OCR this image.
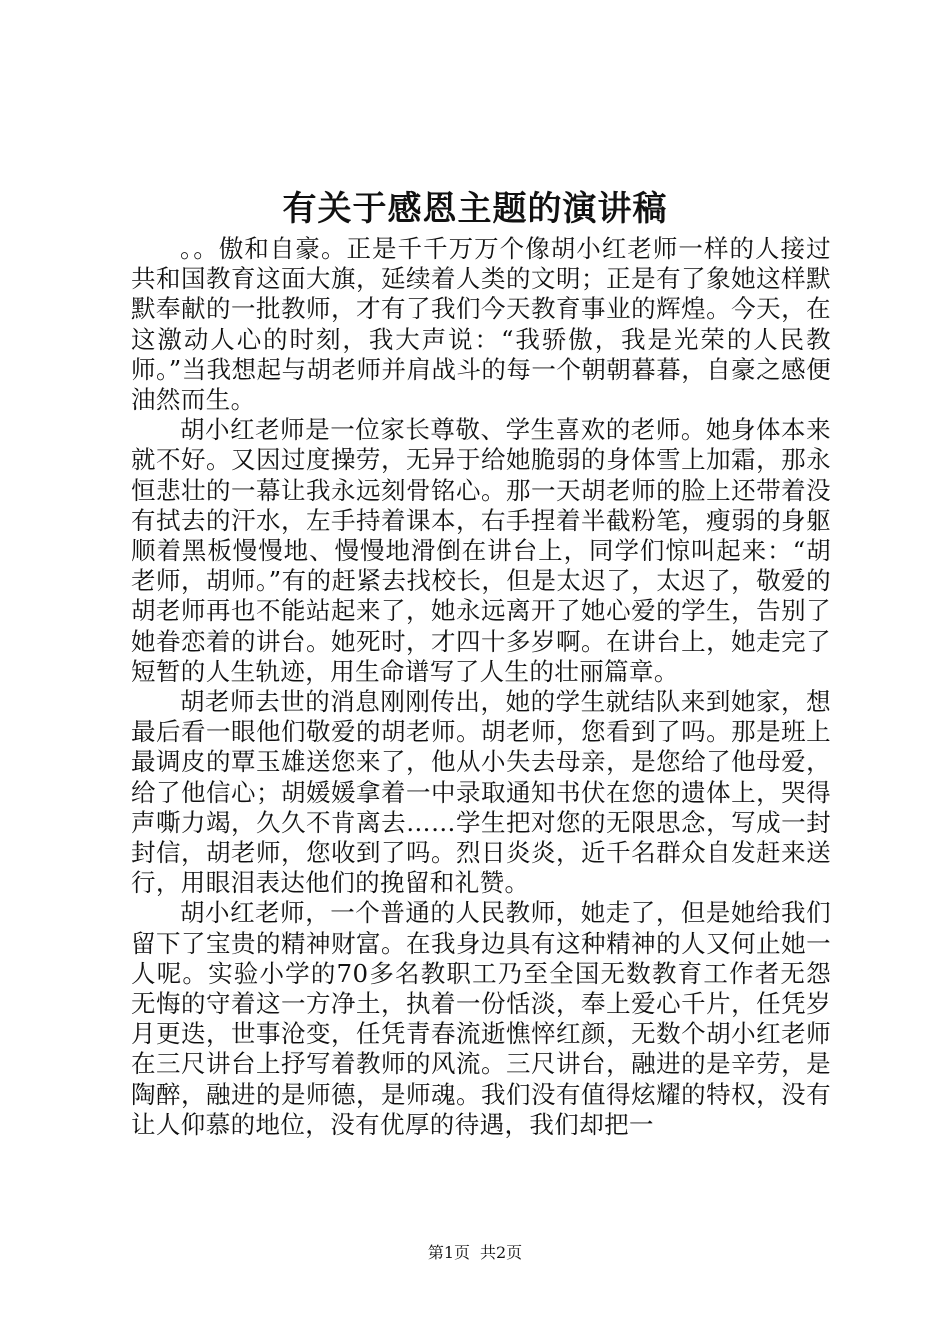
有关于感恩主题的演讲稿

。。傲和自豪。正是千千万万个像胡小红老师一样的人接过共和国教育这面大旗，延续着人类的文明；正是有了象她这样默默奉献的一批教师，才有了我们今天教育事业的辉煌。今天，在这激动人心的时刻，我大声说：“我骄傲，我是光荣的人民教师。”当我想起与胡老师并肩战斗的每一个朝朝暮暮，自豪之感便油然而生。

胡小红老师是一位家长尊敬、学生喜欢的老师。她身体本来就不好。又因过度操劳，无异于给她脆弱的身体雪上加霜，那永恒悲壮的一幕让我永远刻骨铭心。那一天胡老师的脸上还带着没有拭去的汗水，左手持着课本，右手捏着半截粉笔，瘦弱的身躯顺着黑板慢慢地、慢慢地滑倒在讲台上，同学们惊叫起来：“胡老师，胡师。”有的赶紧去找校长，但是太迟了，太迟了，敬爱的胡老师再也不能站起来了，她永远离开了她心爱的学生，告别了她眷恋着的讲台。她死时，才四十多岁啊。在讲台上，她走完了短暂的人生轨迹，用生命谱写了人生的壮丽篇章。

胡老师去世的消息刚刚传出，她的学生就结队来到她家，想最后看一眼他们敬爱的胡老师。胡老师，您看到了吗。那是班上最调皮的覃玉雄送您来了，他从小失去母亲，是您给了他母爱，给了他信心；胡媛媛拿着一中录取通知书伏在您的遗体上，哭得声嘶力竭，久久不肯离去……学生把对您的无限思念，写成一封封信，胡老师，您收到了吗。烈日炎炎，近千名群众自发赶来送行，用眼泪表达他们的挽留和礼赞。

胡小红老师，一个普通的人民教师，她走了，但是她给我们留下了宝贵的精神财富。在我身边具有这种精神的人又何止她一人呢。实验小学的70多名教职工乃至全国无数教育工作者无怨无悔的守着这一方净土，执着一份恬淡，奉上爱心千片，任凭岁月更迭，世事沧变，任凭青春流逝憔悴红颜，无数个胡小红老师在三尺讲台上抒写着教师的风流。三尺讲台，融进的是辛劳，是陶醉，融进的是师德，是师魂。我们没有值得炫耀的特权，没有让人仰慕的地位，没有优厚的待遇，我们却把一

第1页 共2页
